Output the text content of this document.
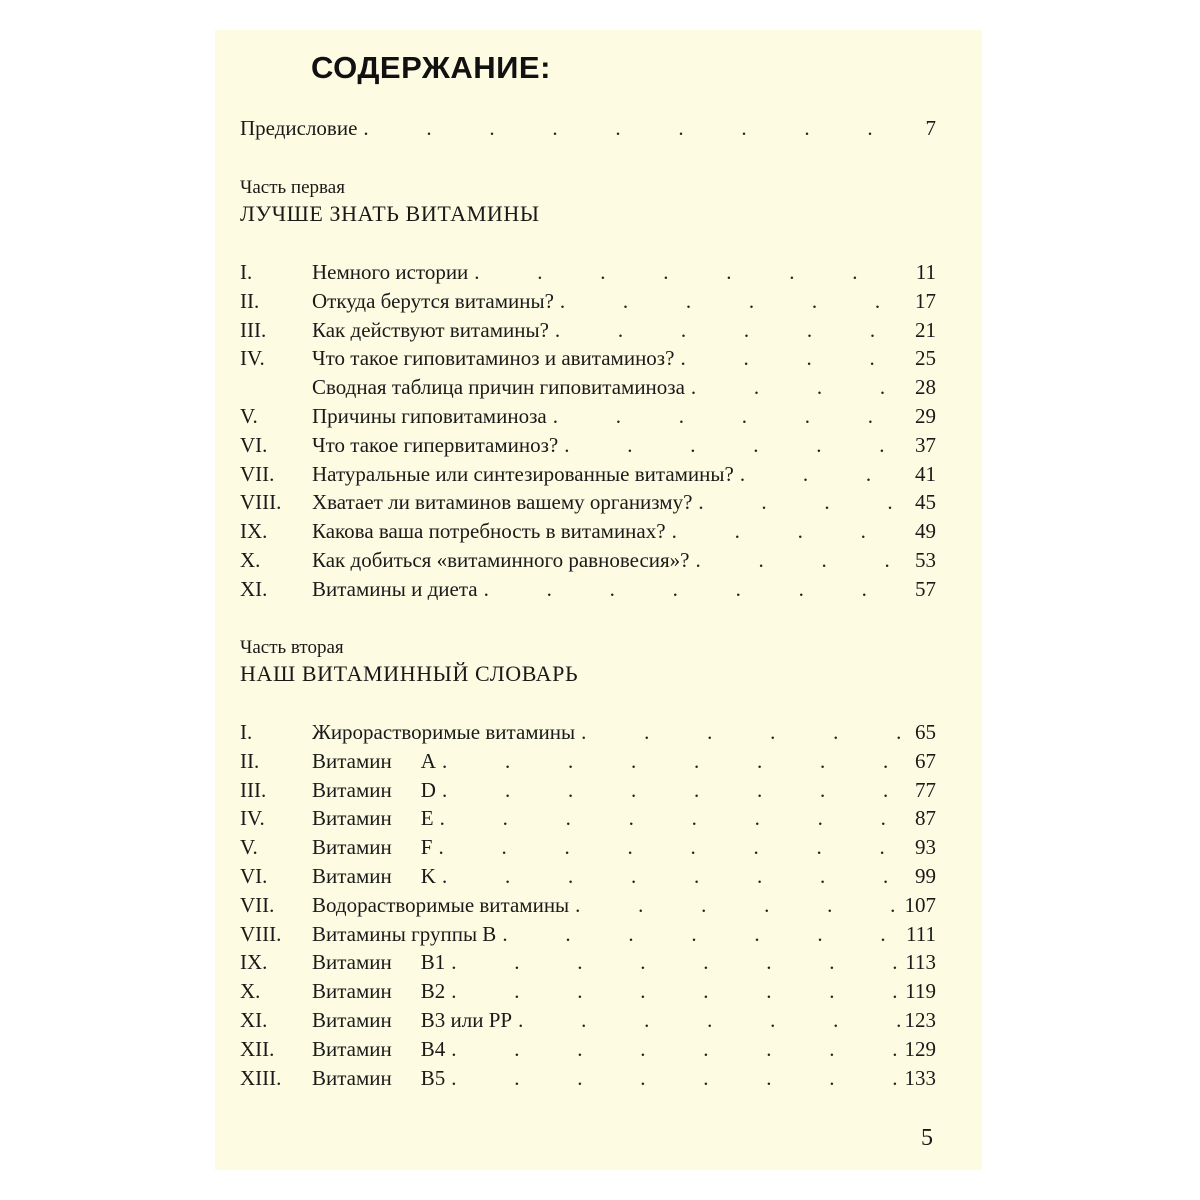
СОДЕРЖАНИЕ:
Предисловие .	7
Часть первая
ЛУЧШЕ ЗНАТЬ ВИТАМИНЫ
I.	Немного истории .	11
II.	Откуда берутся витамины? .	17
III.	Как действуют витамины? .	21
IV.	Что такое гиповитаминоз и авитаминоз? .	25
Сводная таблица причин гиповитаминоза .	28
V.	Причины гиповитаминоза .	29
VI.	Что такое гипервитаминоз? .	37
VII.	Натуральные или синтезированные витамины? .	41
VIII.	Хватает ли витаминов вашему организму? .	45
IX.	Какова ваша потребность в витаминах? .	49
X.	Как добиться «витаминного равновесия»? .	53
XI.	Витамины и диета .	57
Часть вторая
НАШ ВИТАМИННЫЙ СЛОВАРЬ
I.	Жирорастворимые витамины .	65
II.	Витамин A .	67
III.	Витамин D .	77
IV.	Витамин E .	87
V.	Витамин F .	93
VI.	Витамин K .	99
VII.	Водорастворимые витамины .	107
VIII.	Витамины группы В .	111
IX.	Витамин B1 .	113
X.	Витамин B2 .	119
XI.	Витамин B3 или PP .	123
XII.	Витамин B4 .	129
XIII.	Витамин B5 .	133
5
